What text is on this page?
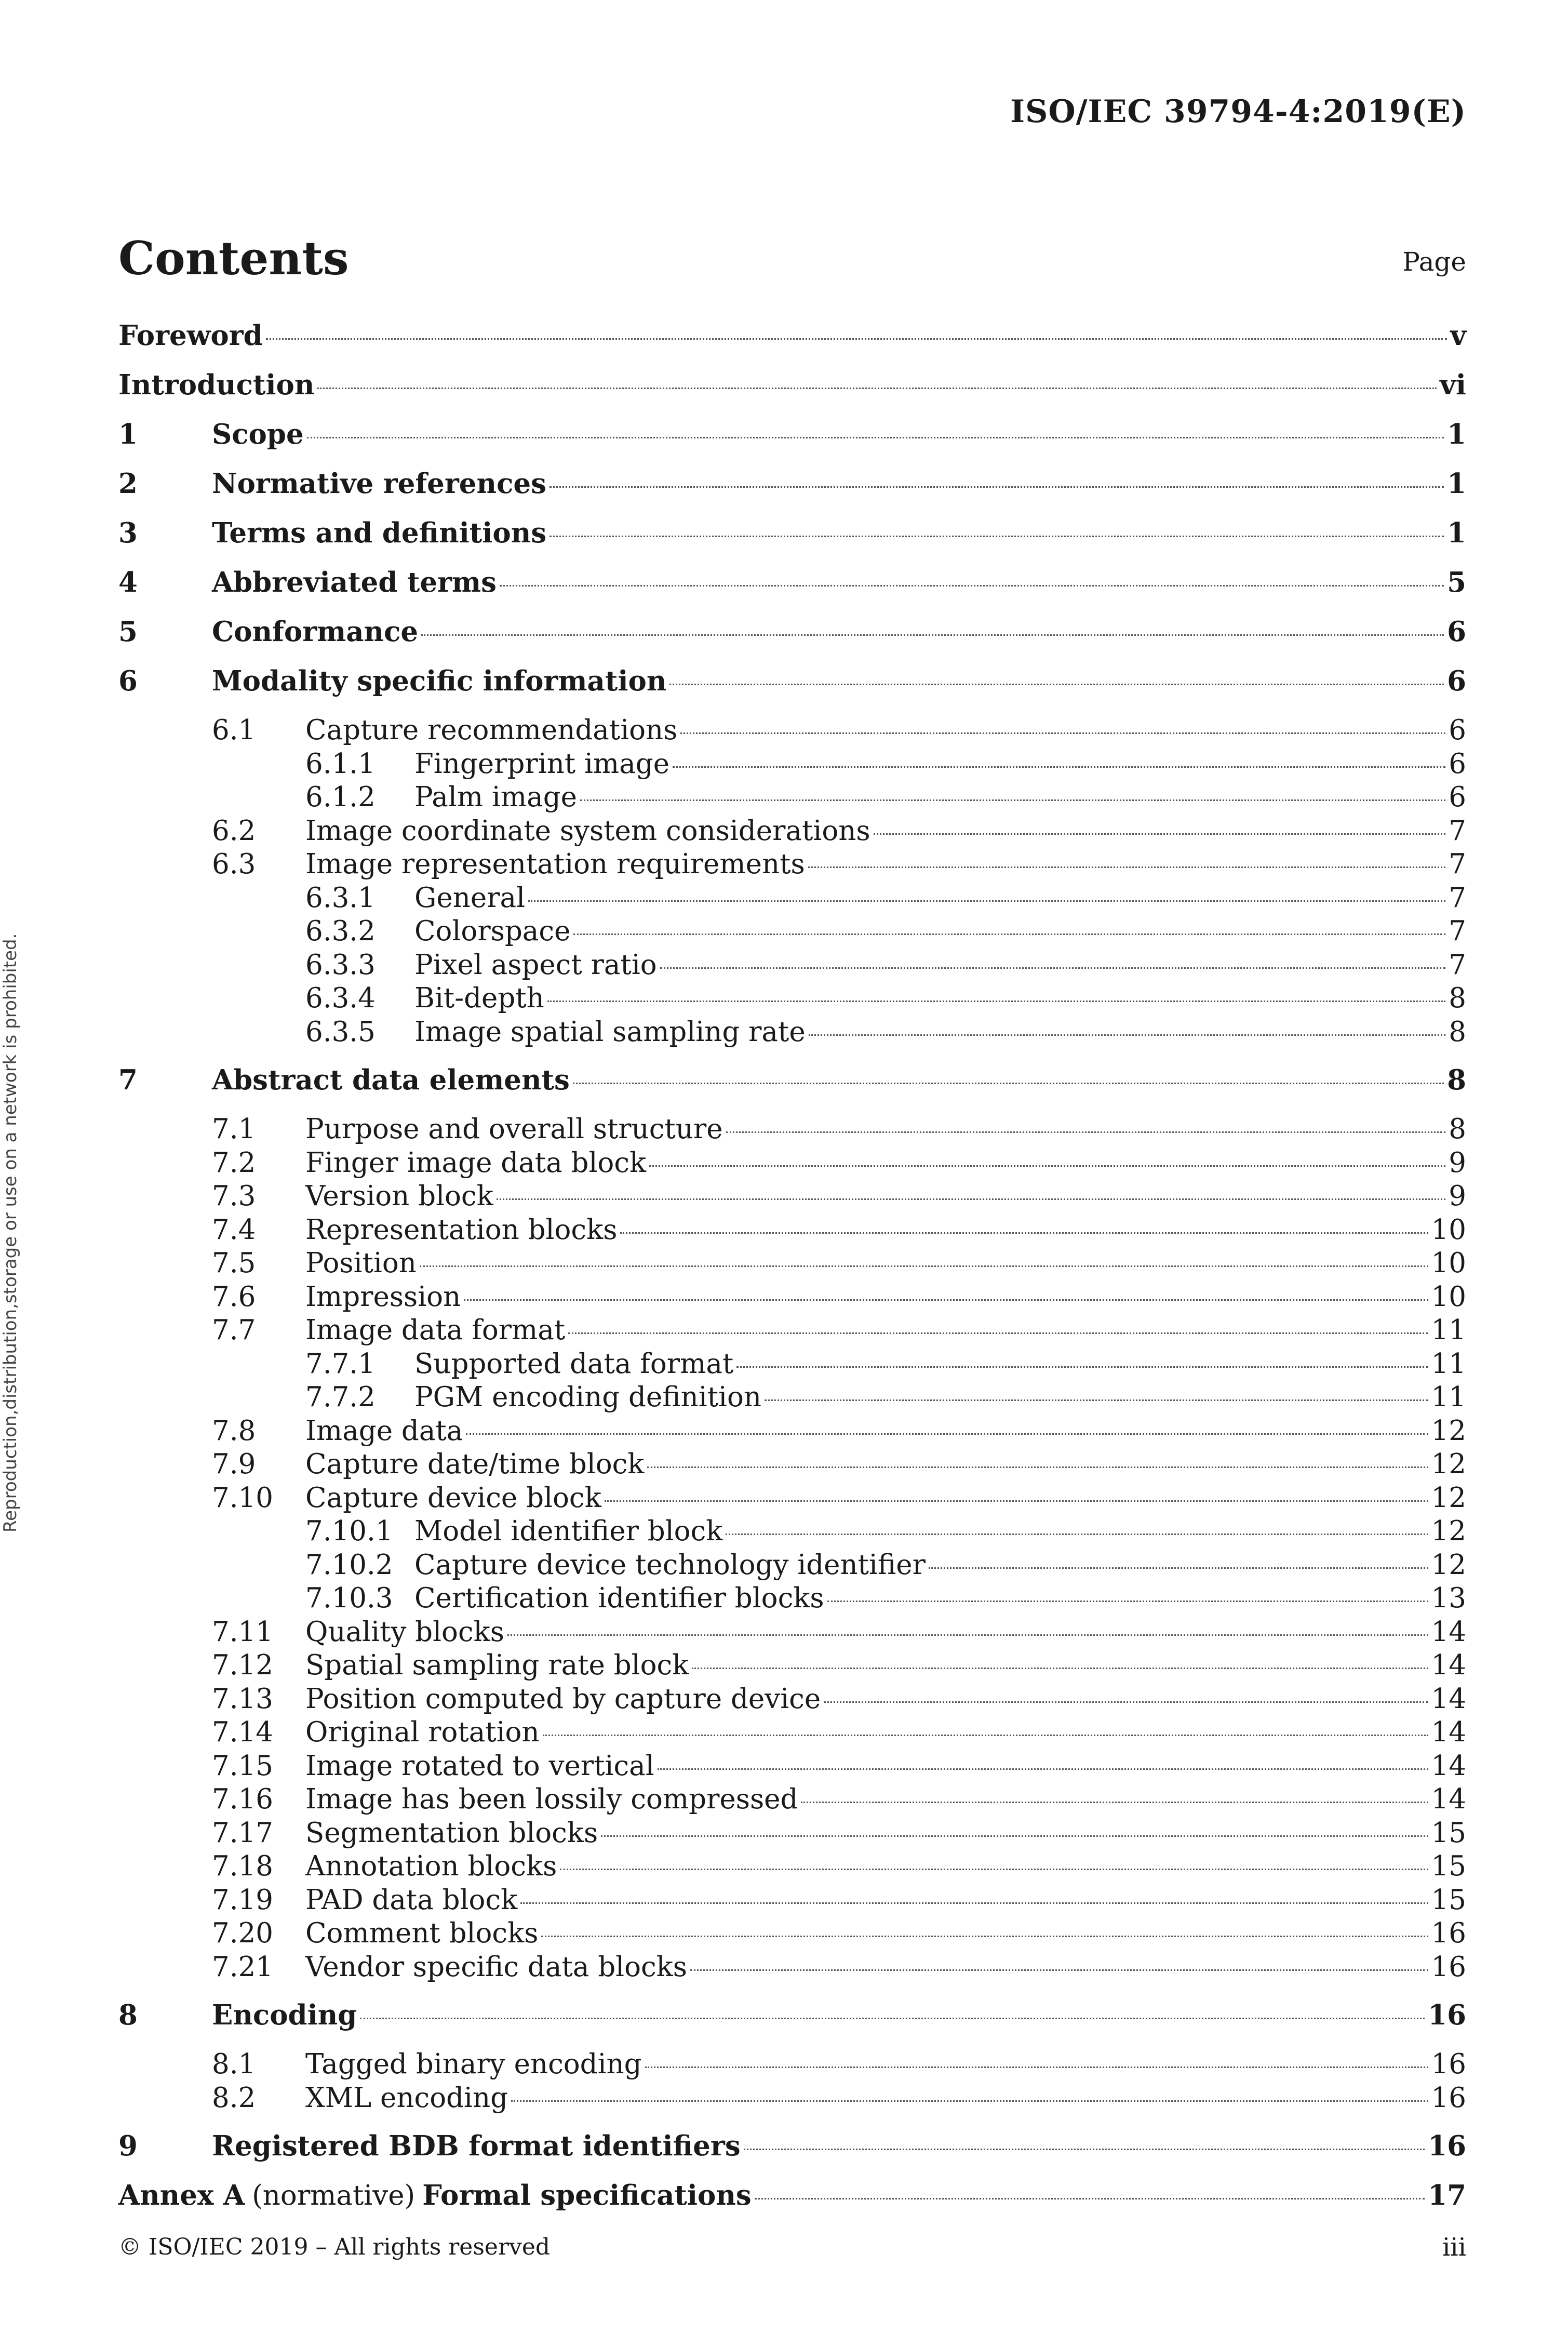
ISO/IEC 39794-4:2019(E)
Reproduction,distribution,storage or use on a network is prohibited.
Contents	Page
Foreword	v
Introduction	vi
1	Scope	1
2	Normative references	1
3	Terms and definitions	1
4	Abbreviated terms	5
5	Conformance	6
6	Modality specific information	6
6.1	Capture recommendations	6
6.1.1	Fingerprint image	6
6.1.2	Palm image	6
6.2	Image coordinate system considerations	7
6.3	Image representation requirements	7
6.3.1	General	7
6.3.2	Colorspace	7
6.3.3	Pixel aspect ratio	7
6.3.4	Bit-depth	8
6.3.5	Image spatial sampling rate	8
7	Abstract data elements	8
7.1	Purpose and overall structure	8
7.2	Finger image data block	9
7.3	Version block	9
7.4	Representation blocks	10
7.5	Position	10
7.6	Impression	10
7.7	Image data format	11
7.7.1	Supported data format	11
7.7.2	PGM encoding definition	11
7.8	Image data	12
7.9	Capture date/time block	12
7.10	Capture device block	12
7.10.1 Model identifier block	12
7.10.2 Capture device technology identifier	12
7.10.3 Certification identifier blocks	13
7.11	Quality blocks	14
7.12	Spatial sampling rate block	14
7.13	Position computed by capture device	14
7.14	Original rotation	14
7.15	Image rotated to vertical	14
7.16	Image has been lossily compressed	14
7.17	Segmentation blocks	15
7.18	Annotation blocks	15
7.19	PAD data block	15
7.20	Comment blocks	16
7.21	Vendor specific data blocks	16
8	Encoding	16
8.1	Tagged binary encoding	16
8.2	XML encoding	16
9	Registered BDB format identifiers	16
Annex A (normative) Formal specifications	17
© ISO/IEC 2019 – All rights reserved	iii
